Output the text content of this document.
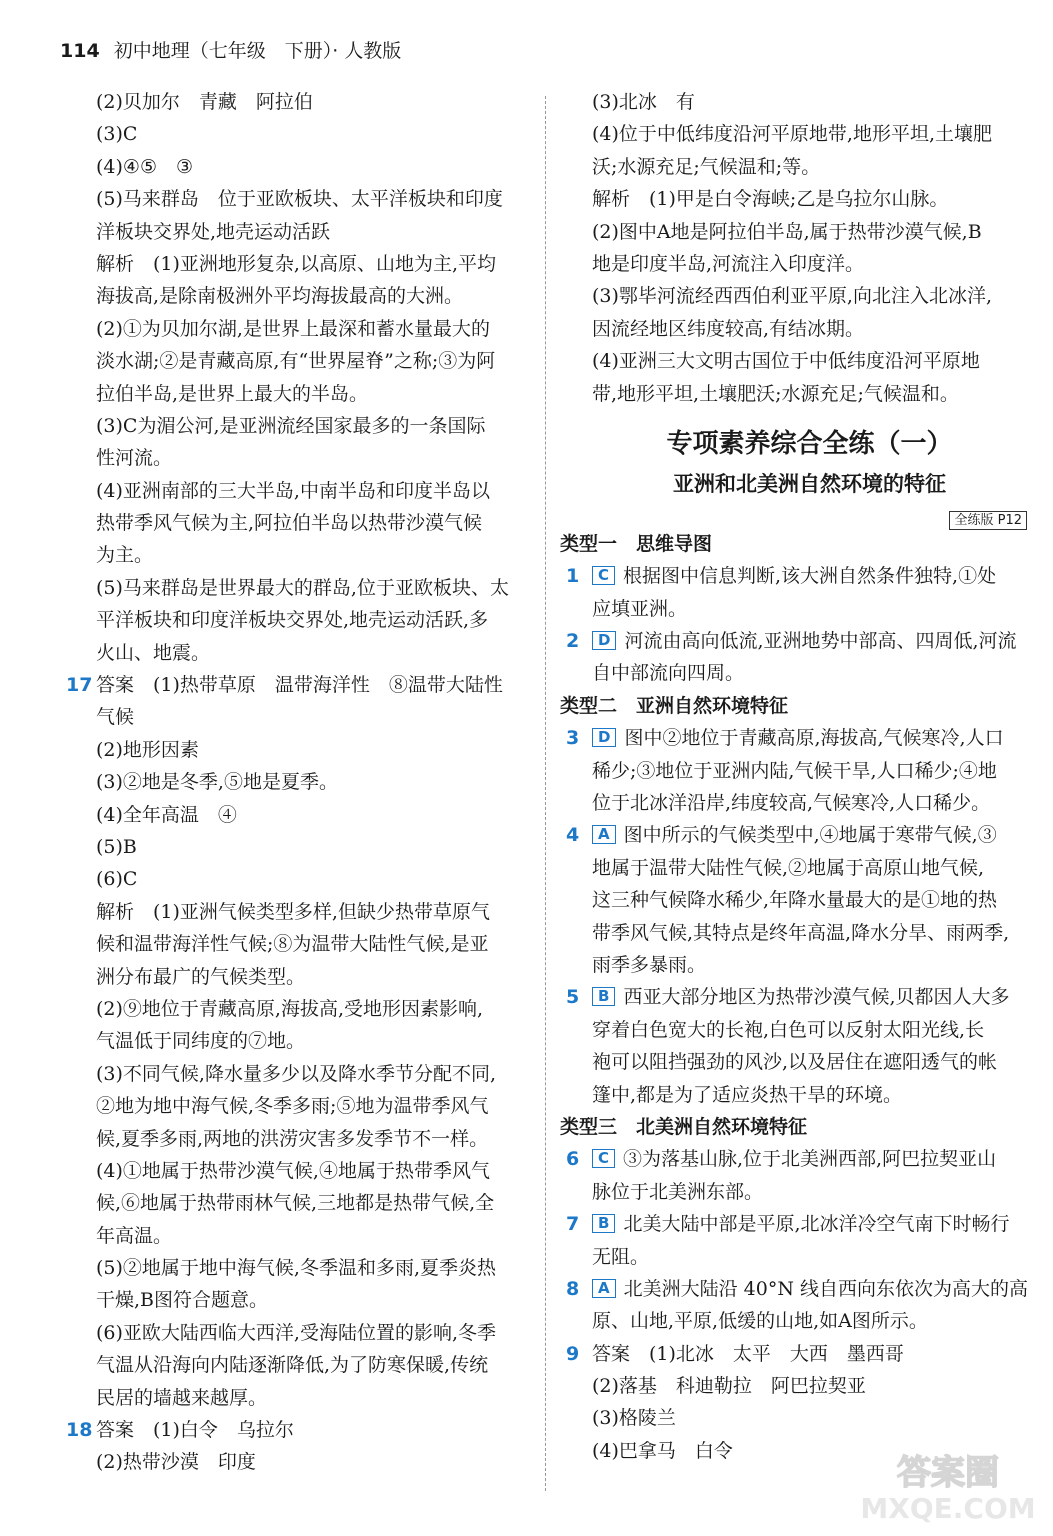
114 初中地理（七年级　下册）· 人教版
(2)贝加尔　青藏　阿拉伯
(3)C
(4)④⑤　③
(5)马来群岛　位于亚欧板块、太平洋板块和印度
洋板块交界处,地壳运动活跃
解析　(1)亚洲地形复杂,以高原、山地为主,平均
海拔高,是除南极洲外平均海拔最高的大洲。
(2)①为贝加尔湖,是世界上最深和蓄水量最大的
淡水湖;②是青藏高原,有“世界屋脊”之称;③为阿
拉伯半岛,是世界上最大的半岛。
(3)C为湄公河,是亚洲流经国家最多的一条国际
性河流。
(4)亚洲南部的三大半岛,中南半岛和印度半岛以
热带季风气候为主,阿拉伯半岛以热带沙漠气候
为主。
(5)马来群岛是世界最大的群岛,位于亚欧板块、太
平洋板块和印度洋板块交界处,地壳运动活跃,多
火山、地震。
17 答案　(1)热带草原　温带海洋性　⑧温带大陆性
气候
(2)地形因素
(3)②地是冬季,⑤地是夏季。
(4)全年高温　④
(5)B
(6)C
解析　(1)亚洲气候类型多样,但缺少热带草原气
候和温带海洋性气候;⑧为温带大陆性气候,是亚
洲分布最广的气候类型。
(2)⑨地位于青藏高原,海拔高,受地形因素影响,
气温低于同纬度的⑦地。
(3)不同气候,降水量多少以及降水季节分配不同,
②地为地中海气候,冬季多雨;⑤地为温带季风气
候,夏季多雨,两地的洪涝灾害多发季节不一样。
(4)①地属于热带沙漠气候,④地属于热带季风气
候,⑥地属于热带雨林气候,三地都是热带气候,全
年高温。
(5)②地属于地中海气候,冬季温和多雨,夏季炎热
干燥,B图符合题意。
(6)亚欧大陆西临大西洋,受海陆位置的影响,冬季
气温从沿海向内陆逐渐降低,为了防寒保暖,传统
民居的墙越来越厚。
18 答案　(1)白令　乌拉尔
(2)热带沙漠　印度
(3)北冰　有
(4)位于中低纬度沿河平原地带,地形平坦,土壤肥
沃;水源充足;气候温和;等。
解析　(1)甲是白令海峡;乙是乌拉尔山脉。
(2)图中A地是阿拉伯半岛,属于热带沙漠气候,B
地是印度半岛,河流注入印度洋。
(3)鄂毕河流经西西伯利亚平原,向北注入北冰洋,
因流经地区纬度较高,有结冰期。
(4)亚洲三大文明古国位于中低纬度沿河平原地
带,地形平坦,土壤肥沃;水源充足;气候温和。
专项素养综合全练（一）
亚洲和北美洲自然环境的特征
全练版 P12
类型一　思维导图
1 C 根据图中信息判断,该大洲自然条件独特,①处
应填亚洲。
2 D 河流由高向低流,亚洲地势中部高、四周低,河流
自中部流向四周。
类型二　亚洲自然环境特征
3 D 图中②地位于青藏高原,海拔高,气候寒冷,人口
稀少;③地位于亚洲内陆,气候干旱,人口稀少;④地
位于北冰洋沿岸,纬度较高,气候寒冷,人口稀少。
4 A 图中所示的气候类型中,④地属于寒带气候,③
地属于温带大陆性气候,②地属于高原山地气候,
这三种气候降水稀少,年降水量最大的是①地的热
带季风气候,其特点是终年高温,降水分旱、雨两季,
雨季多暴雨。
5 B 西亚大部分地区为热带沙漠气候,贝都因人大多
穿着白色宽大的长袍,白色可以反射太阳光线,长
袍可以阻挡强劲的风沙,以及居住在遮阳透气的帐
篷中,都是为了适应炎热干旱的环境。
类型三　北美洲自然环境特征
6 C ③为落基山脉,位于北美洲西部,阿巴拉契亚山
脉位于北美洲东部。
7 B 北美大陆中部是平原,北冰洋冷空气南下时畅行
无阻。
8 A 北美洲大陆沿 40°N 线自西向东依次为高大的高
原、山地,平原,低缓的山地,如A图所示。
9 答案　(1)北冰　太平　大西　墨西哥
(2)落基　科迪勒拉　阿巴拉契亚
(3)格陵兰
(4)巴拿马　白令
答案圈
MXQE.COM
